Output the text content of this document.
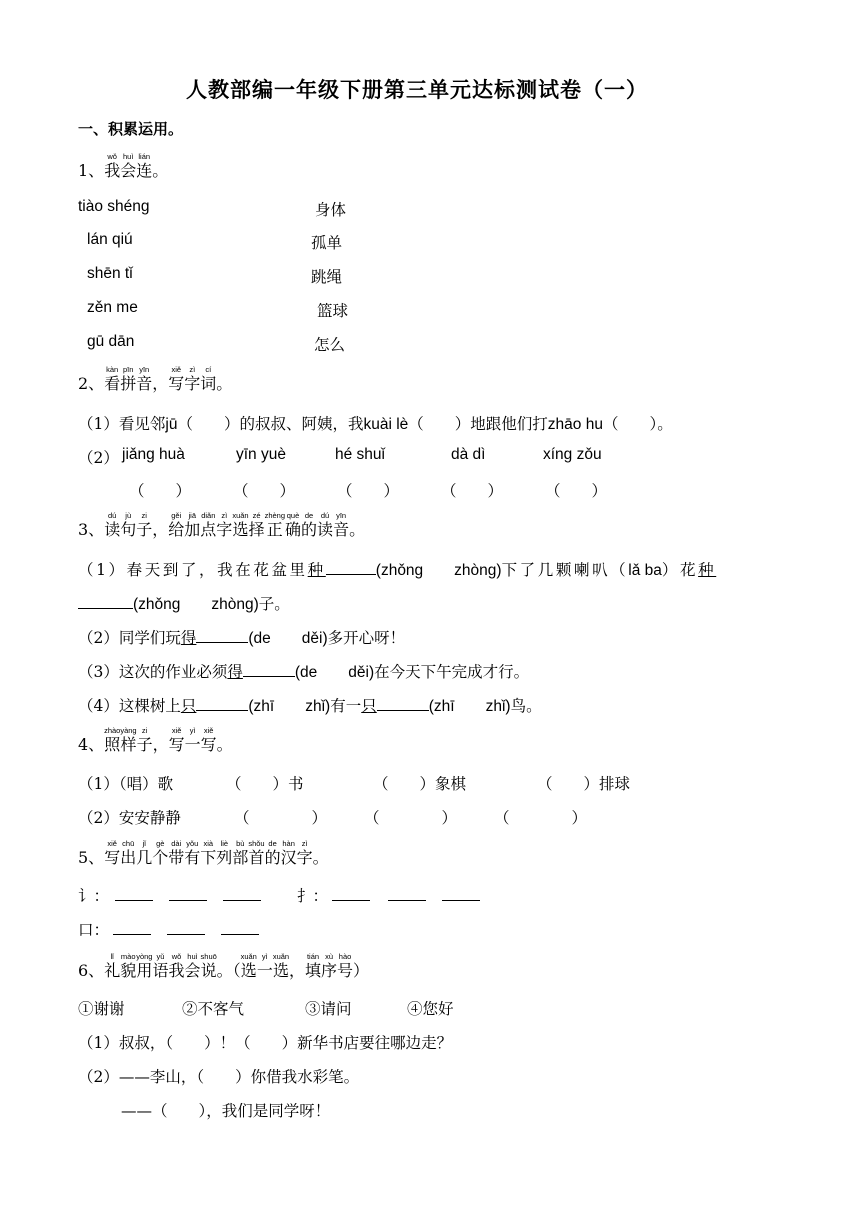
人教部编一年级下册第三单元达标测试卷（一）
一、积累运用。
1、我wǒ会huì连lián。
tiào shéng
lán qiú
shēn tǐ
zěn me
gū dān
身体
孤单
跳绳
篮球
怎么
2、看kàn拼pīn音yīn，写xiě字zì词cí。
（1）看见邻jū（　　）的叔叔、阿姨，我kuài lè（　　）地跟他们打zhāo hu（　　）。
（2） jiǎng huà	yīn yuè	hé shuǐ	dà dì	xíng zǒu
（　　）	（　　）	（　　）	（　　）	（　　）
3、读dú句jù子zi，给gěi加jiā点diǎn字zì选xuǎn择zé正zhèng确què的de读dú音yīn。
（1）春天到了，我在花盆里种	(zhǒng　　zhòng)下了几颗喇叭（lǎ ba）花种
(zhǒng　　zhòng)子。
（2）同学们玩得	(de　　děi)多开心呀！
（3）这次的作业必须得	(de　　děi)在今天下午完成才行。
（4）这棵树上只	(zhī　　zhǐ)有一只	(zhī　　zhǐ)鸟。
4、照zhào样yàng子zi，写xiě一yì写xiě。
（1）（唱）歌	（　　）书	（　　）象棋	（　　）排球
（2）安安静静	（　　　　） （　　　　） （　　　　）
5、写xiě出chū几jǐ个gè带dài有yǒu下xià列liè部bù首shǒu的de汉hàn字zì。
讠：	扌：
口：
6、礼lǐ貌mào用yòng语yǔ我wǒ会huì说shuō。（选xuǎn一yì选xuǎn，填tián序xù号hào）
①谢谢	②不客气	③请问	④您好
（1）叔叔，（　　）！（　　）新华书店要往哪边走？
（2）——李山，（　　）你借我水彩笔。
——（　　），我们是同学呀！
